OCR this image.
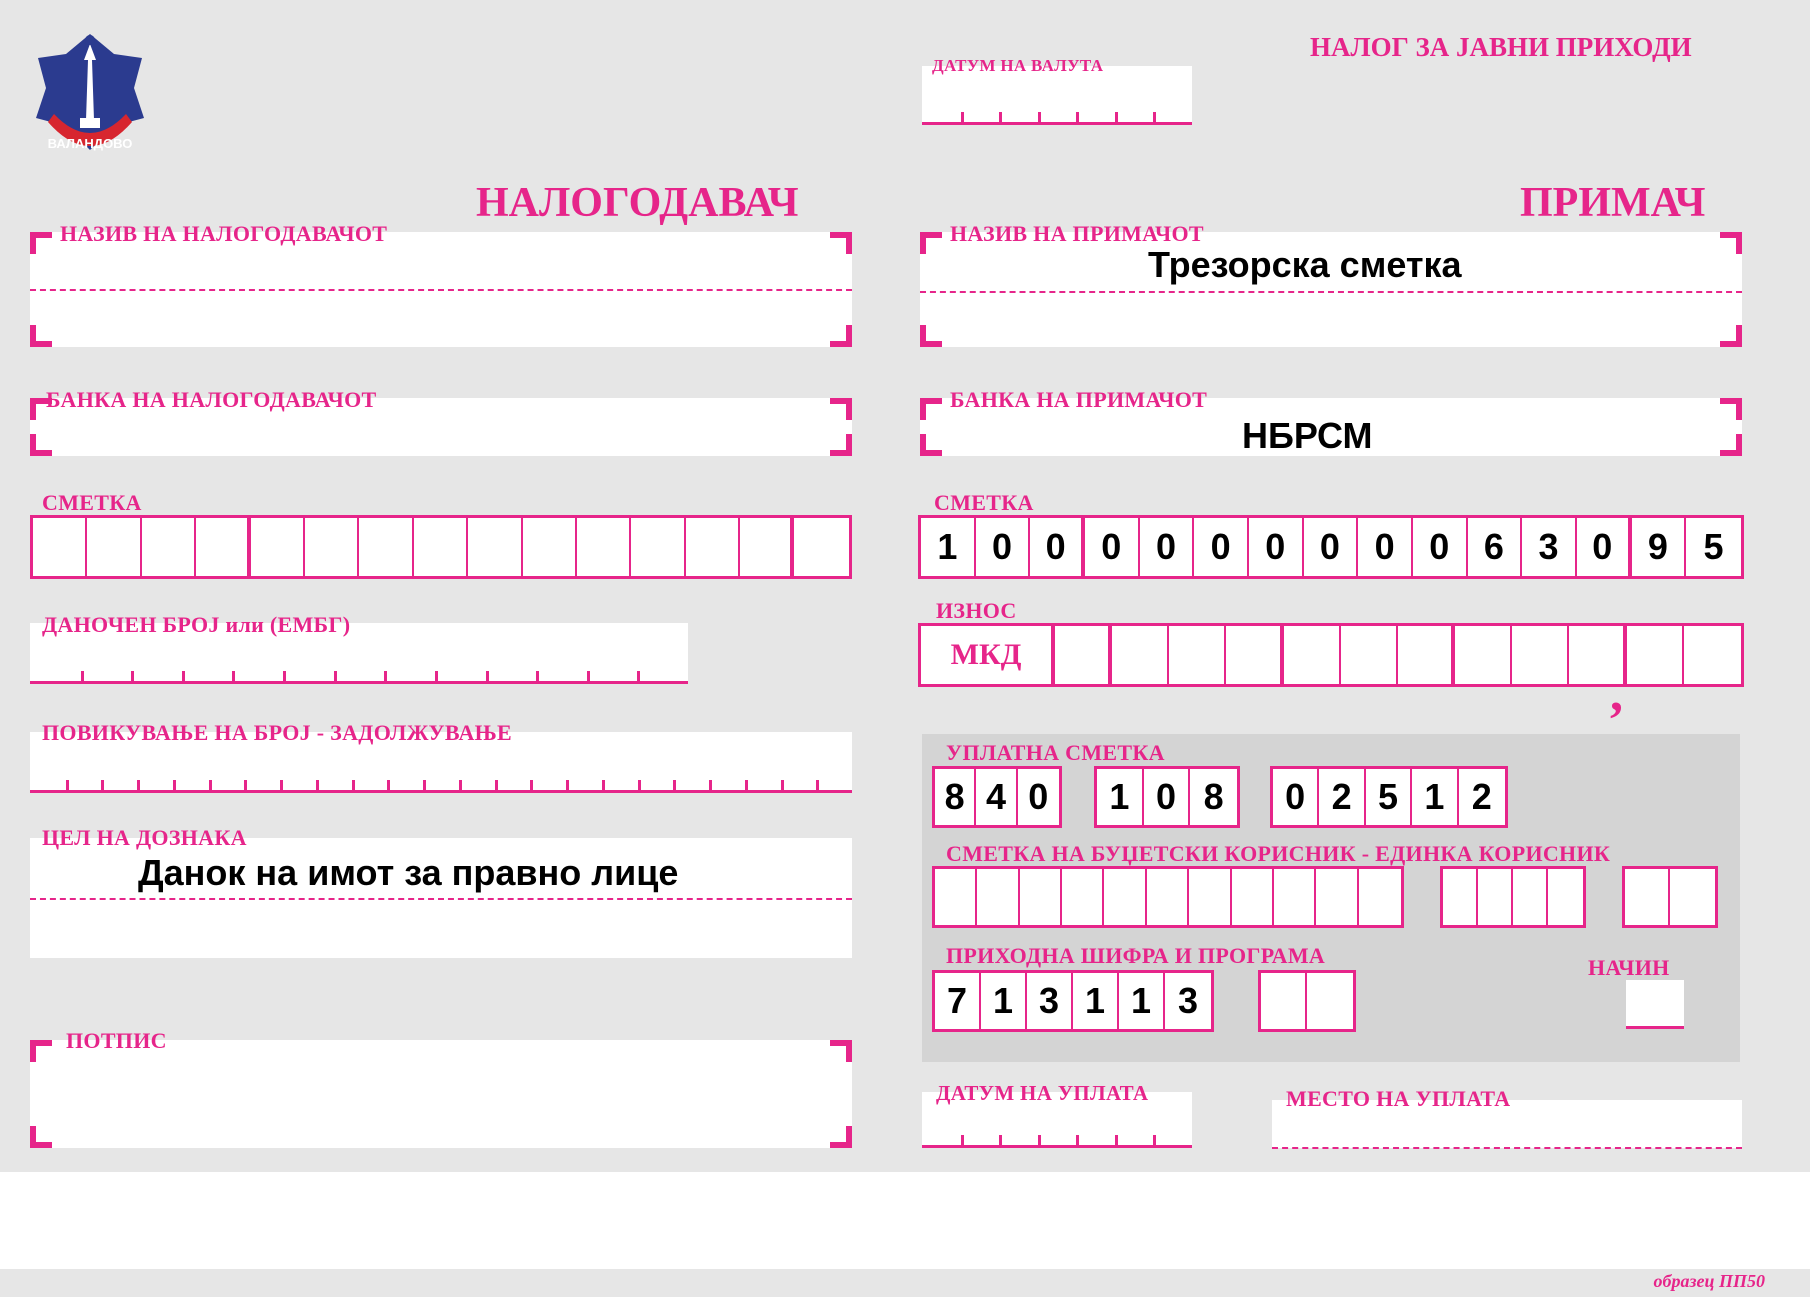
ВАЛАНДОВО
НАЛОГ ЗА ЈАВНИ ПРИХОДИ
ДАТУМ НА ВАЛУТА
НАЛОГОДАВАЧ	ПРИМАЧ
НАЗИВ НА НАЛОГОДАВАЧОТ
БАНКА НА НАЛОГОДАВАЧОТ
СМЕТКА
ДАНОЧЕН БРОЈ или (ЕМБГ)
ПОВИКУВАЊЕ НА БРОЈ - ЗАДОЛЖУВАЊЕ
ЦЕЛ НА ДОЗНАКА
Данок на имот за правно лице
ПОТПИС
НАЗИВ НА ПРИМАЧОТ
Трезорска сметка
БАНКА НА ПРИМАЧОТ
НБРСМ
СМЕТКА
1 0 0 0 0 0 0 0 0 0 6 3 0 9 5
ИЗНОС
МКД
,
УПЛАТНА СМЕТКА
8 4 0	1 0 8	0 2 5 1 2
СМЕТКА НА БУЏЕТСКИ КОРИСНИК - ЕДИНКА КОРИСНИК
ПРИХОДНА ШИФРА И ПРОГРАМА
7 1 3 1 1 3
НАЧИН
ДАТУМ НА УПЛАТА	МЕСТО НА УПЛАТА
образец ПП50
